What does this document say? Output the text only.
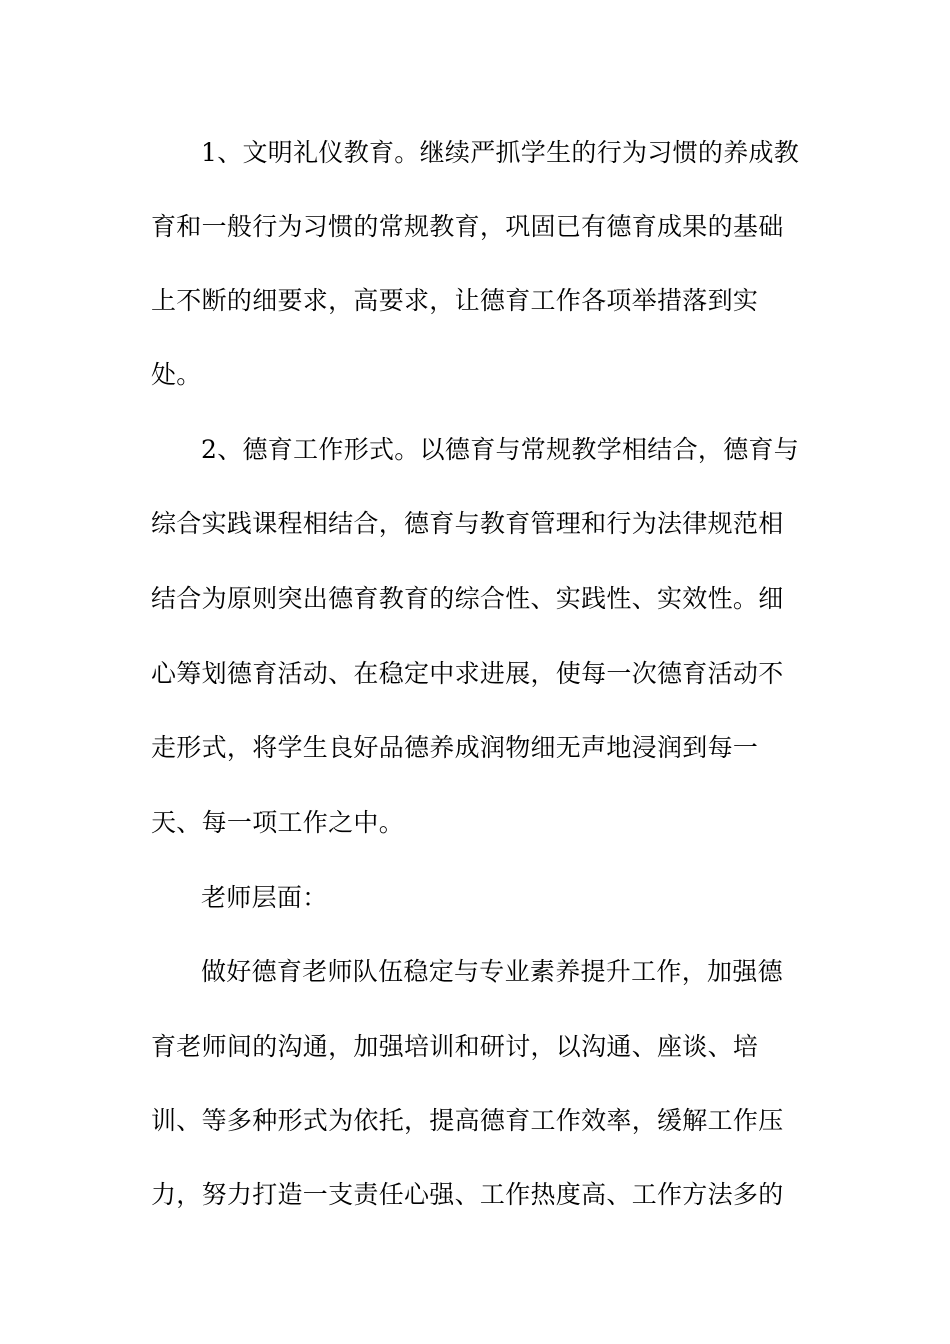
1、文明礼仪教育。继续严抓学生的行为习惯的养成教
育和一般行为习惯的常规教育，巩固已有德育成果的基础
上不断的细要求，高要求，让德育工作各项举措落到实
处。
2、德育工作形式。以德育与常规教学相结合，德育与
综合实践课程相结合，德育与教育管理和行为法律规范相
结合为原则突出德育教育的综合性、实践性、实效性。细
心筹划德育活动、在稳定中求进展，使每一次德育活动不
走形式，将学生良好品德养成润物细无声地浸润到每一
天、每一项工作之中。
老师层面：
做好德育老师队伍稳定与专业素养提升工作，加强德
育老师间的沟通，加强培训和研讨，以沟通、座谈、培
训、等多种形式为依托，提高德育工作效率，缓解工作压
力，努力打造一支责任心强、工作热度高、工作方法多的
